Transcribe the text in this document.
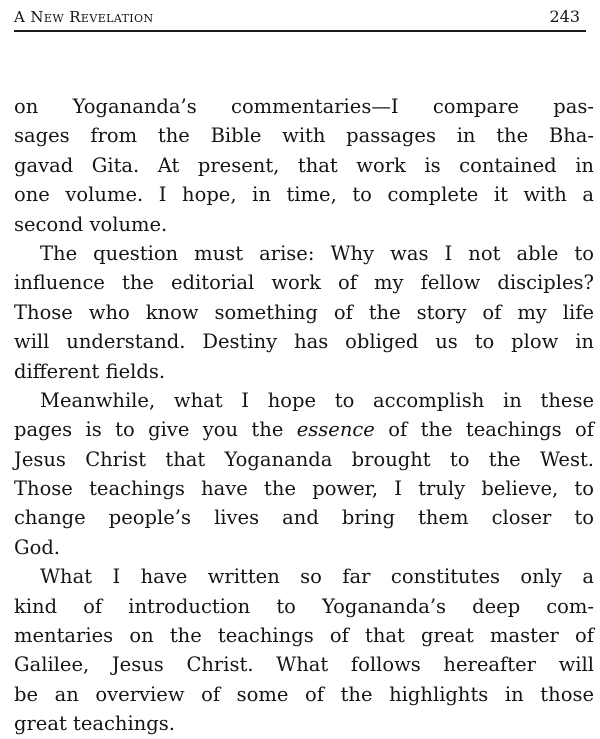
A New Revelation	243
on Yogananda’s commentaries—I compare pas-
sages from the Bible with passages in the Bha-
gavad Gita. At present, that work is contained in
one volume. I hope, in time, to complete it with a
second volume.
The question must arise: Why was I not able to
influence the editorial work of my fellow disciples?
Those who know something of the story of my life
will understand. Destiny has obliged us to plow in
different fields.
Meanwhile, what I hope to accomplish in these
pages is to give you the essence of the teachings of
Jesus Christ that Yogananda brought to the West.
Those teachings have the power, I truly believe, to
change people’s lives and bring them closer to
God.
What I have written so far constitutes only a
kind of introduction to Yogananda’s deep com-
mentaries on the teachings of that great master of
Galilee, Jesus Christ. What follows hereafter will
be an overview of some of the highlights in those
great teachings.
